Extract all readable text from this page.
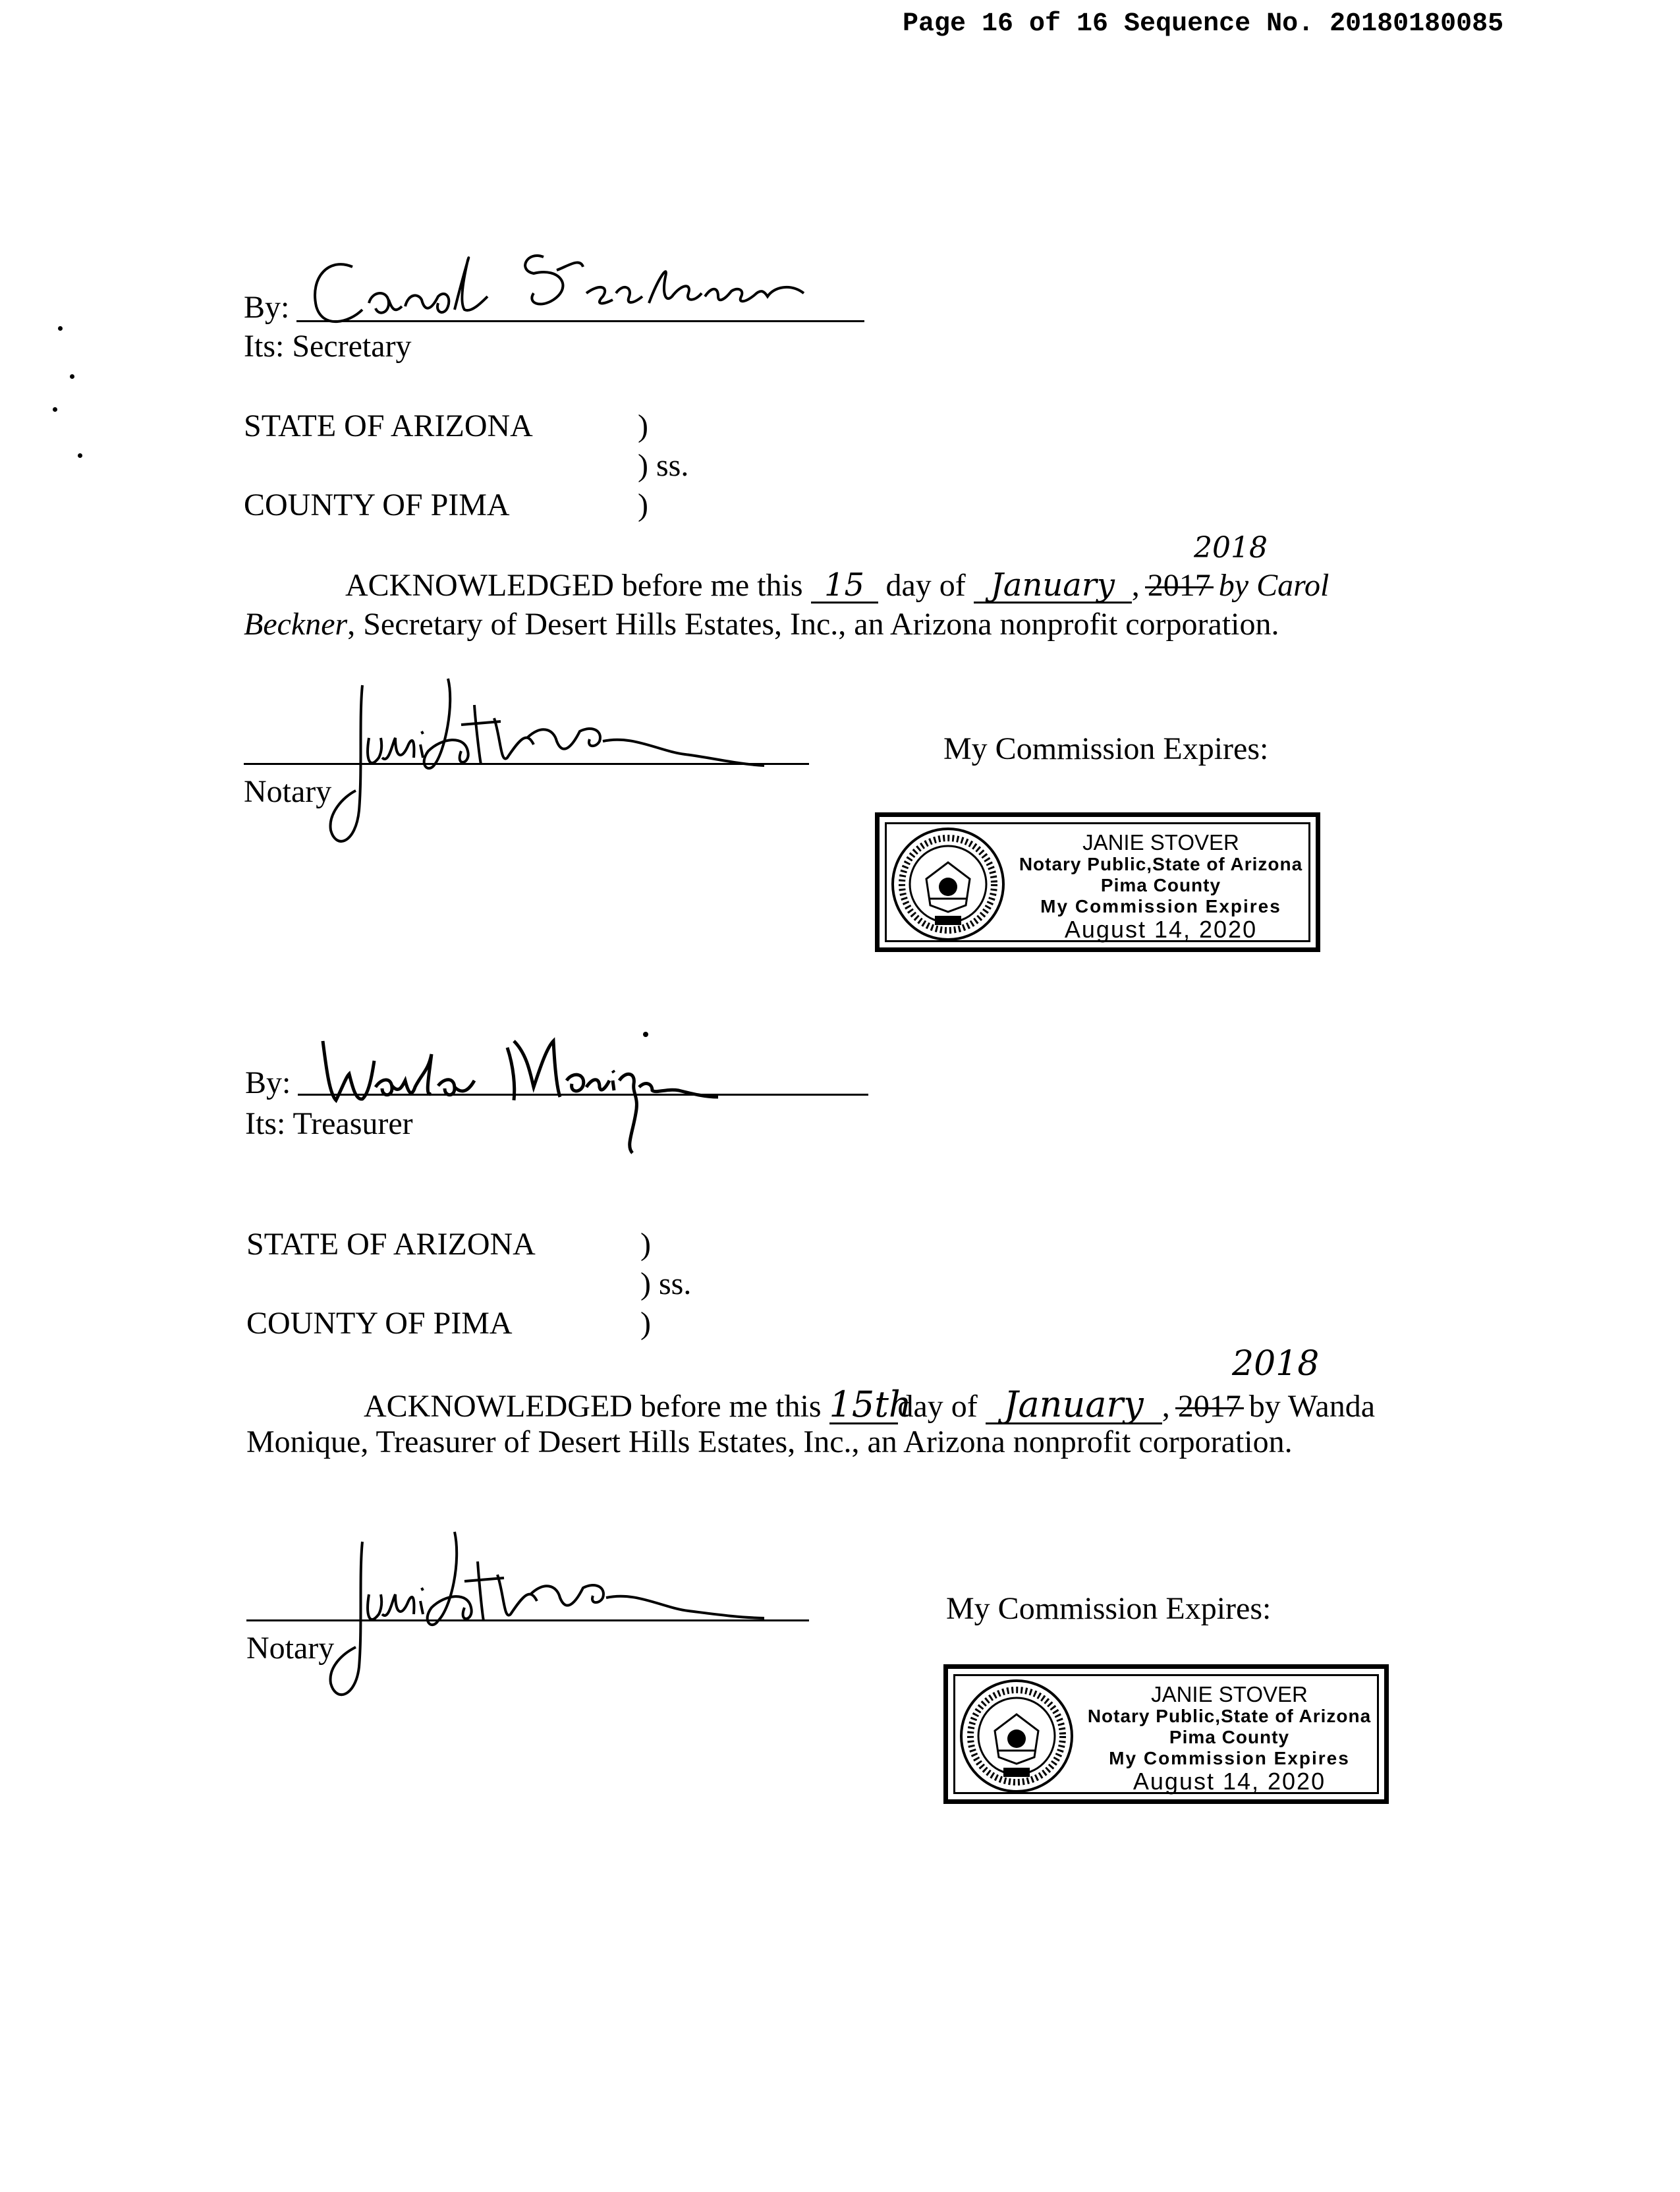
Page 16 of 16 Sequence No. 20180180085
By:
Its: Secretary
STATE OF ARIZONA	)
) ss.
COUNTY OF PIMA	)
2018
ACKNOWLEDGED before me this 15 day of January , 2017 by Carol
Beckner, Secretary of Desert Hills Estates, Inc., an Arizona nonprofit corporation.
Notary
My Commission Expires:
JANIE STOVER
Notary Public,State of Arizona
Pima County
My Commission Expires
August 14, 2020
By:
Its: Treasurer
STATE OF ARIZONA	)
) ss.
COUNTY OF PIMA	)
2018
ACKNOWLEDGED before me this 15thday of January , 2017 by Wanda
Monique, Treasurer of Desert Hills Estates, Inc., an Arizona nonprofit corporation.
Notary
My Commission Expires:
JANIE STOVER
Notary Public,State of Arizona
Pima County
My Commission Expires
August 14, 2020
